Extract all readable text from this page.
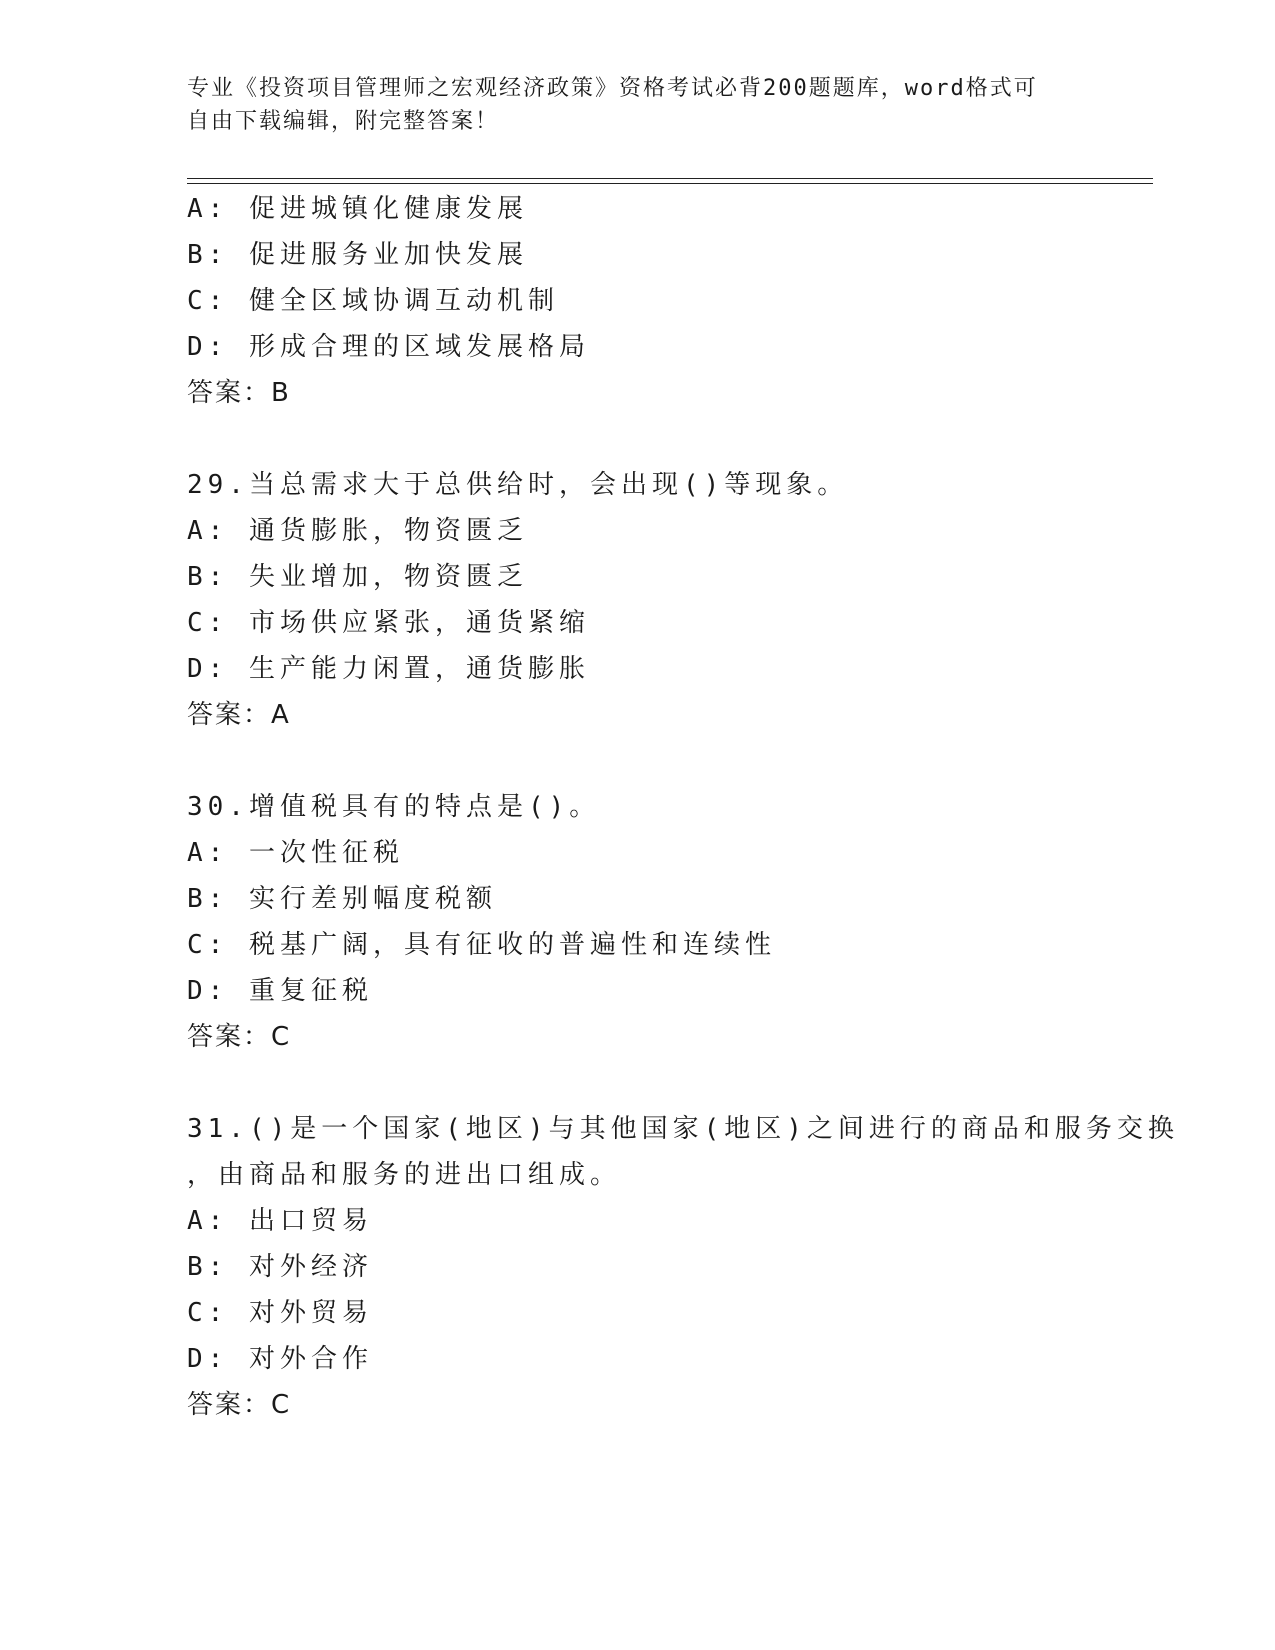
专业《投资项目管理师之宏观经济政策》资格考试必背200题题库，word格式可
自由下载编辑，附完整答案！
A: 促进城镇化健康发展
B: 促进服务业加快发展
C: 健全区域协调互动机制
D: 形成合理的区域发展格局
答案：B
29.当总需求大于总供给时，会出现()等现象。
A: 通货膨胀，物资匮乏
B: 失业增加，物资匮乏
C: 市场供应紧张，通货紧缩
D: 生产能力闲置，通货膨胀
答案：A
30.增值税具有的特点是()。
A: 一次性征税
B: 实行差别幅度税额
C: 税基广阔，具有征收的普遍性和连续性
D: 重复征税
答案：C
31.()是一个国家(地区)与其他国家(地区)之间进行的商品和服务交换
，由商品和服务的进出口组成。
A: 出口贸易
B: 对外经济
C: 对外贸易
D: 对外合作
答案：C
